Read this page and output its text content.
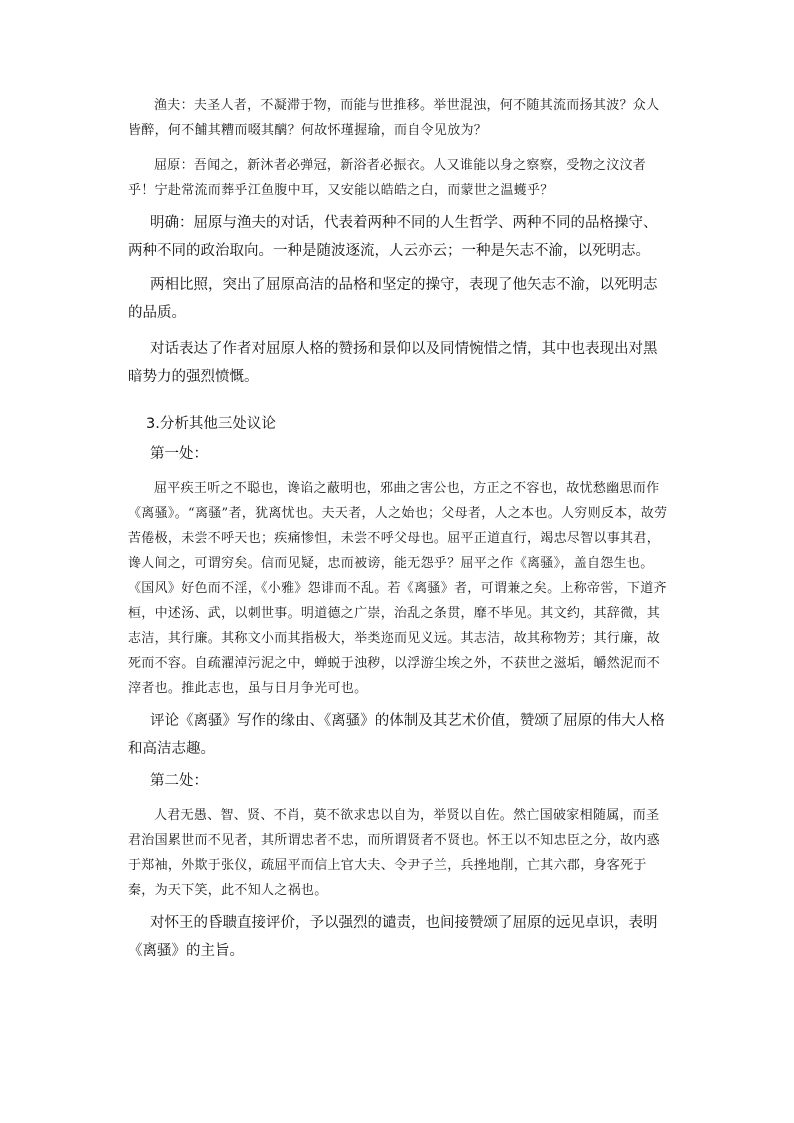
渔夫：夫圣人者，不凝滞于物，而能与世推移。举世混浊，何不随其流而扬其波？众人皆醉，何不餔其糟而啜其醨？何故怀瑾握瑜，而自令见放为？

屈原：吾闻之，新沐者必弹冠，新浴者必振衣。人又谁能以身之察察，受物之汶汶者乎！宁赴常流而葬乎江鱼腹中耳，又安能以皓皓之白，而蒙世之温蠖乎？

明确：屈原与渔夫的对话，代表着两种不同的人生哲学、两种不同的品格操守、两种不同的政治取向。一种是随波逐流，人云亦云；一种是矢志不渝，以死明志。

两相比照，突出了屈原高洁的品格和坚定的操守，表现了他矢志不渝，以死明志的品质。

对话表达了作者对屈原人格的赞扬和景仰以及同情惋惜之情，其中也表现出对黑暗势力的强烈愤慨。

3.分析其他三处议论

第一处：

屈平疾王听之不聪也，谗谄之蔽明也，邪曲之害公也，方正之不容也，故忧愁幽思而作《离骚》。“离骚”者，犹离忧也。夫天者，人之始也；父母者，人之本也。人穷则反本，故劳苦倦极，未尝不呼天也；疾痛惨怛，未尝不呼父母也。屈平正道直行，竭忠尽智以事其君，谗人间之，可谓穷矣。信而见疑，忠而被谤，能无怨乎？屈平之作《离骚》，盖自怨生也。《国风》好色而不淫，《小雅》怨诽而不乱。若《离骚》者，可谓兼之矣。上称帝喾，下道齐桓，中述汤、武，以刺世事。明道德之广崇，治乱之条贯，靡不毕见。其文约，其辞微，其志洁，其行廉。其称文小而其指极大，举类迩而见义远。其志洁，故其称物芳；其行廉，故死而不容。自疏濯淖污泥之中，蝉蜕于浊秽，以浮游尘埃之外，不获世之滋垢，皭然泥而不滓者也。推此志也，虽与日月争光可也。

评论《离骚》写作的缘由、《离骚》的体制及其艺术价值，赞颂了屈原的伟大人格和高洁志趣。

第二处：

人君无愚、智、贤、不肖，莫不欲求忠以自为，举贤以自佐。然亡国破家相随属，而圣君治国累世而不见者，其所谓忠者不忠，而所谓贤者不贤也。怀王以不知忠臣之分，故内惑于郑袖，外欺于张仪，疏屈平而信上官大夫、令尹子兰，兵挫地削，亡其六郡，身客死于秦，为天下笑，此不知人之祸也。

对怀王的昏聩直接评价，予以强烈的谴责，也间接赞颂了屈原的远见卓识，表明《离骚》的主旨。
